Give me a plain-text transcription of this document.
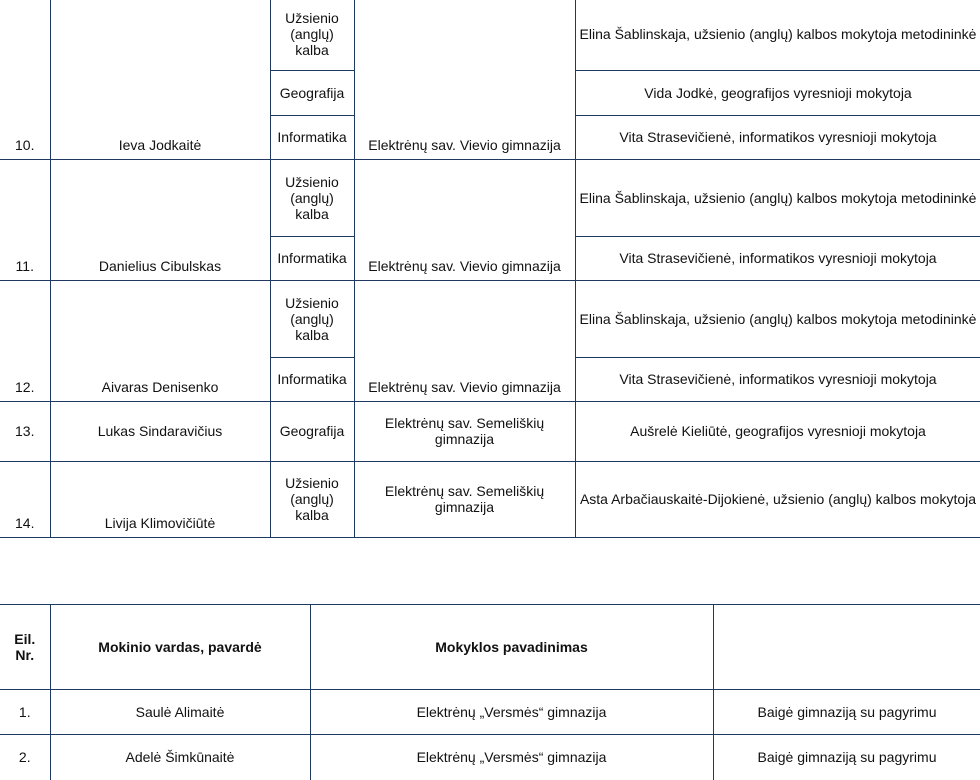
10.	Ieva Jodkaitė	Užsienio (anglų) kalba	Elektrėnų sav. Vievio gimnazija	Elina Šablinskaja, užsienio (anglų) kalbos mokytoja metodininkė
		Geografija		Vida Jodkė, geografijos vyresnioji mokytoja
		Informatika		Vita Strasevičienė, informatikos vyresnioji mokytoja
11.	Danielius Cibulskas	Užsienio (anglų) kalba	Elektrėnų sav. Vievio gimnazija	Elina Šablinskaja, užsienio (anglų) kalbos mokytoja metodininkė
		Informatika		Vita Strasevičienė, informatikos vyresnioji mokytoja
12.	Aivaras Denisenko	Užsienio (anglų) kalba	Elektrėnų sav. Vievio gimnazija	Elina Šablinskaja, užsienio (anglų) kalbos mokytoja metodininkė
		Informatika		Vita Strasevičienė, informatikos vyresnioji mokytoja
13.	Lukas Sindaravičius	Geografija	Elektrėnų sav. Semeliškių gimnazija	Aušrelė Kieliūtė, geografijos vyresnioji mokytoja
14.	Livija Klimovičiūtė	Užsienio (anglų) kalba	Elektrėnų sav. Semeliškių gimnazija	Asta Arbačiauskaitė-Dijokienė, užsienio (anglų) kalbos mokytoja
Eil. Nr.	Mokinio vardas, pavardė	Mokyklos pavadinimas	
1.	Saulė Alimaitė	Elektrėnų „Versmės“ gimnazija	Baigė gimnaziją su pagyrimu
2.	Adelė Šimkūnaitė	Elektrėnų „Versmės“ gimnazija	Baigė gimnaziją su pagyrimu
